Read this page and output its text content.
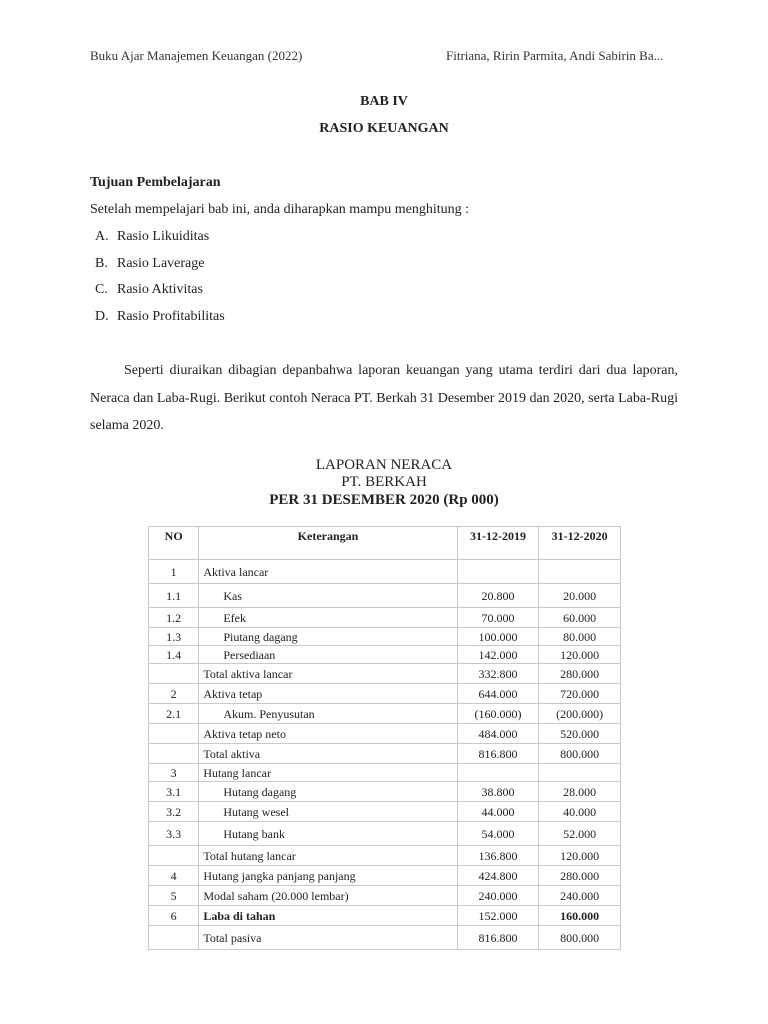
Buku Ajar Manajemen Keuangan (2022)	Fitriana, Ririn Parmita, Andi Sabirin Ba...
BAB IV
RASIO KEUANGAN
Tujuan Pembelajaran
Setelah mempelajari bab ini, anda diharapkan mampu menghitung :
A. Rasio Likuiditas
B. Rasio Laverage
C. Rasio Aktivitas
D. Rasio Profitabilitas

Seperti diuraikan dibagian depanbahwa laporan keuangan yang utama terdiri dari dua laporan, Neraca dan Laba-Rugi. Berikut contoh Neraca PT. Berkah 31 Desember 2019 dan 2020, serta Laba-Rugi selama 2020.

LAPORAN NERACA
PT. BERKAH
PER 31 DESEMBER 2020 (Rp 000)
NO	Keterangan	31-12-2019	31-12-2020
1	Aktiva lancar		
1.1	Kas	20.800	20.000
1.2	Efek	70.000	60.000
1.3	Piutang dagang	100.000	80.000
1.4	Persediaan	142.000	120.000
	Total aktiva lancar	332.800	280.000
2	Aktiva tetap	644.000	720.000
2.1	Akum. Penyusutan	(160.000)	(200.000)
	Aktiva tetap neto	484.000	520.000
	Total aktiva	816.800	800.000
3	Hutang lancar		
3.1	Hutang dagang	38.800	28.000
3.2	Hutang wesel	44.000	40.000
3.3	Hutang bank	54.000	52.000
	Total hutang lancar	136.800	120.000
4	Hutang jangka panjang panjang	424.800	280.000
5	Modal saham (20.000 lembar)	240.000	240.000
6	Laba di tahan	152.000	160.000
	Total pasiva	816.800	800.000
